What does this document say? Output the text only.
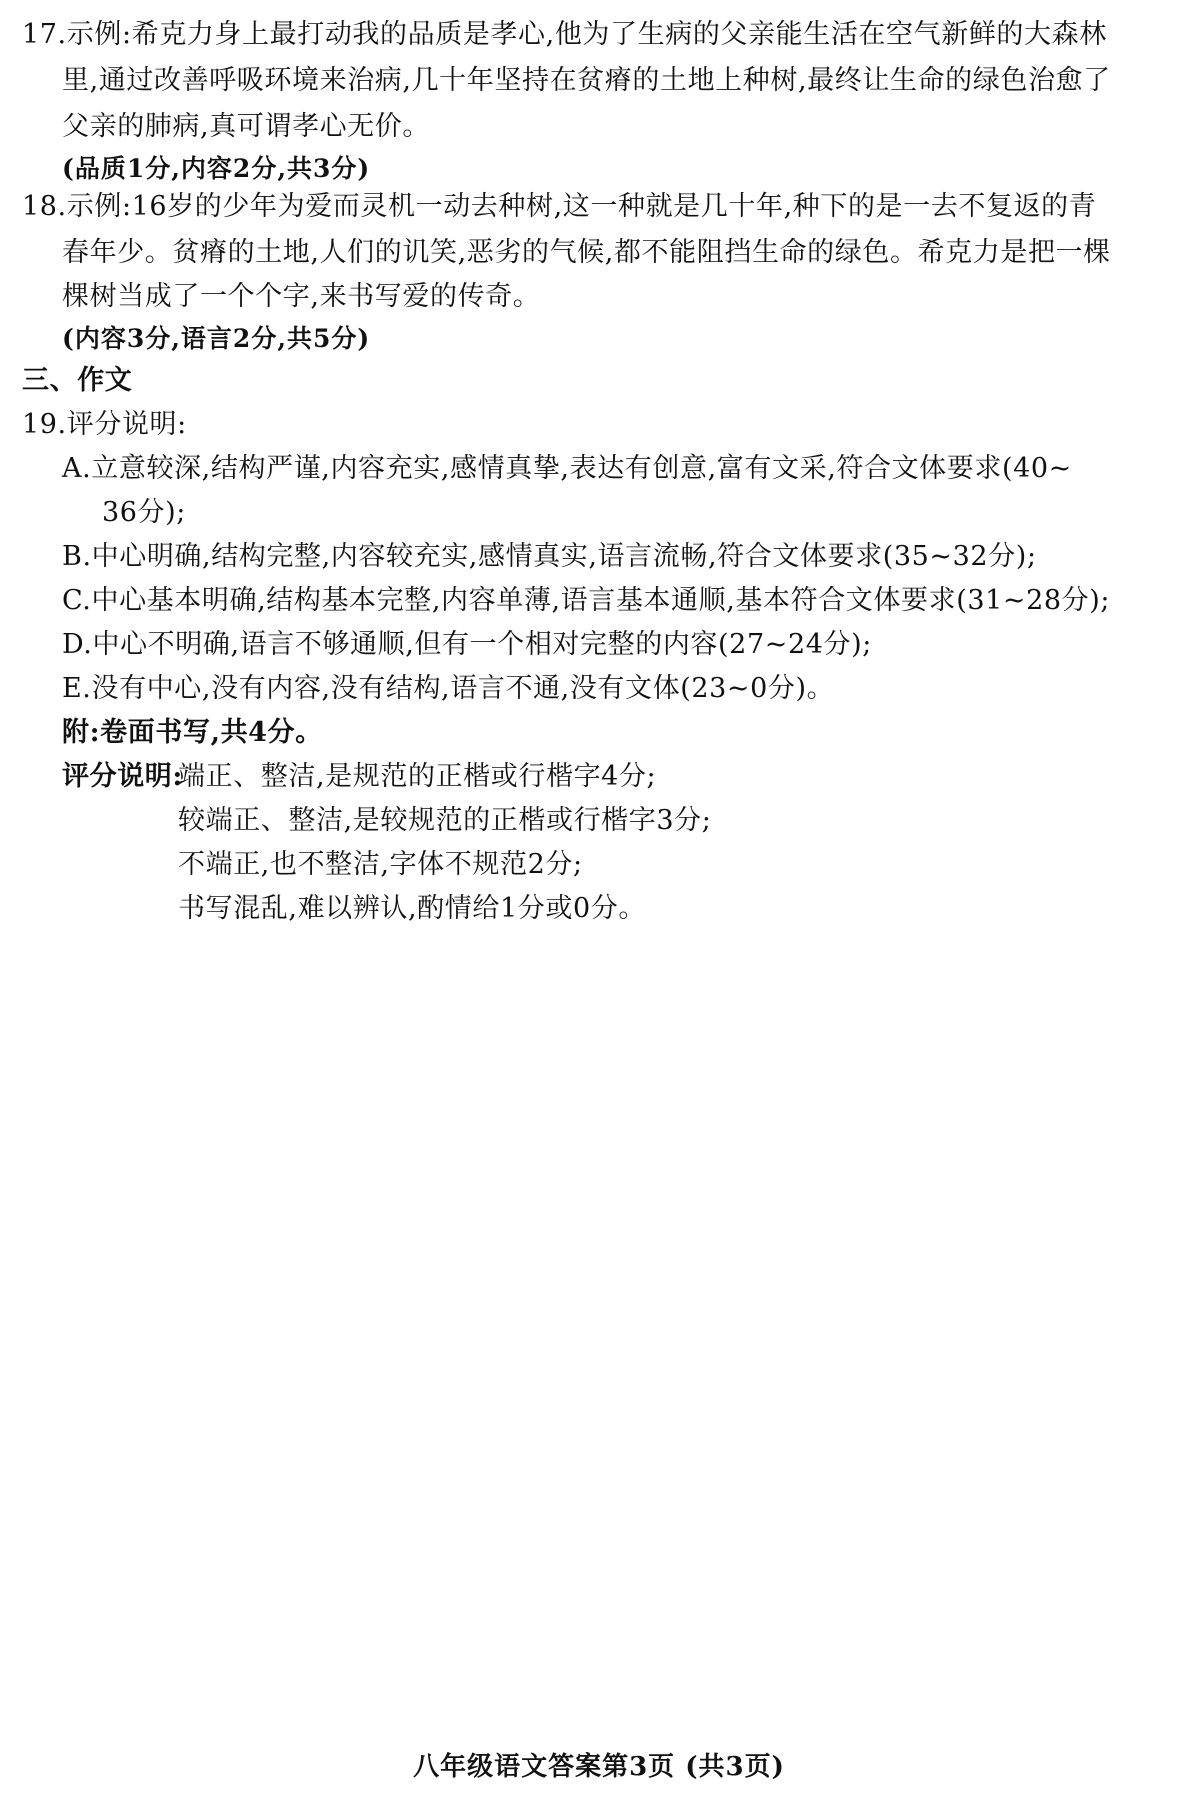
17.示例:希克力身上最打动我的品质是孝心,他为了生病的父亲能生活在空气新鲜的大森林
里,通过改善呼吸环境来治病,几十年坚持在贫瘠的土地上种树,最终让生命的绿色治愈了
父亲的肺病,真可谓孝心无价。
(品质1分,内容2分,共3分)
18.示例:16岁的少年为爱而灵机一动去种树,这一种就是几十年,种下的是一去不复返的青
春年少。贫瘠的土地,人们的讥笑,恶劣的气候,都不能阻挡生命的绿色。希克力是把一棵
棵树当成了一个个字,来书写爱的传奇。
(内容3分,语言2分,共5分)
三、作文
19.评分说明:
A.立意较深,结构严谨,内容充实,感情真挚,表达有创意,富有文采,符合文体要求(40~
36分);
B.中心明确,结构完整,内容较充实,感情真实,语言流畅,符合文体要求(35~32分);
C.中心基本明确,结构基本完整,内容单薄,语言基本通顺,基本符合文体要求(31~28分);
D.中心不明确,语言不够通顺,但有一个相对完整的内容(27~24分);
E.没有中心,没有内容,没有结构,语言不通,没有文体(23~0分)。
附:卷面书写,共4分。
评分说明:
端正、整洁,是规范的正楷或行楷字4分;
较端正、整洁,是较规范的正楷或行楷字3分;
不端正,也不整洁,字体不规范2分;
书写混乱,难以辨认,酌情给1分或0分。
八年级语文答案第3页 (共3页)
